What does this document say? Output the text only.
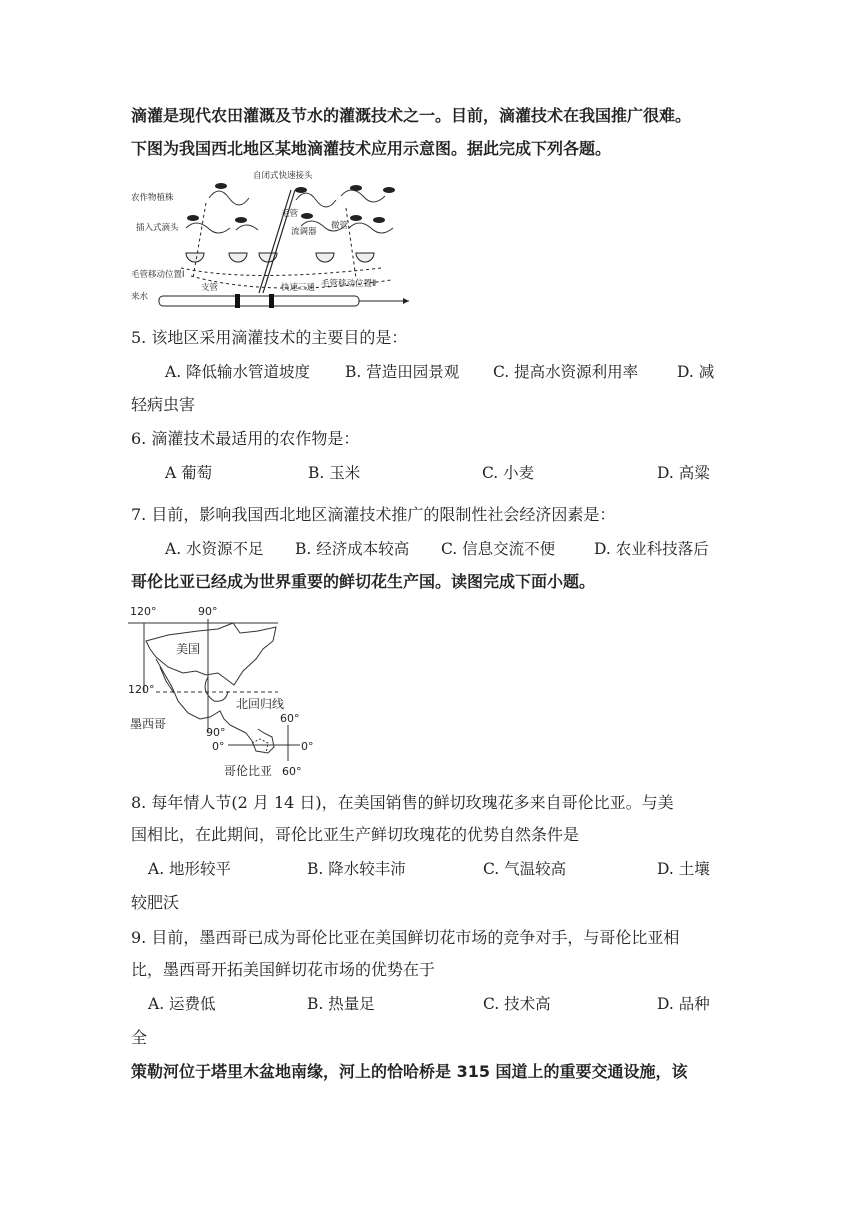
滴灌是现代农田灌溉及节水的灌溉技术之一。目前，滴灌技术在我国推广很难。
下图为我国西北地区某地滴灌技术应用示意图。据此完成下列各题。
自闭式快速接头
农作物植株
毛管
插入式滴头	流调器
微管
毛管移动位置Ⅰ
毛管移动位置Ⅱ
来水
支管	快速三通
5. 该地区采用滴灌技术的主要目的是：
A. 降低输水管道坡度 B. 营造田园景观 C. 提高水资源利用率	D. 减
轻病虫害
6. 滴灌技术最适用的农作物是：
A 葡萄	B. 玉米	C. 小麦	D. 高粱
7. 目前，影响我国西北地区滴灌技术推广的限制性社会经济因素是：
A. 水资源不足 B. 经济成本较高 C. 信息交流不便	D. 农业科技落后
哥伦比亚已经成为世界重要的鲜切花生产国。读图完成下面小题。
120°	90°
美国
120°
北回归线
60°
墨西哥
90°
0°	0°
哥伦比亚 60°
8. 每年情人节(2 月 14 日)，在美国销售的鲜切玫瑰花多来自哥伦比亚。与美
国相比，在此期间，哥伦比亚生产鲜切玫瑰花的优势自然条件是
A. 地形较平	B. 降水较丰沛	C. 气温较高	D. 土壤
较肥沃
9. 目前，墨西哥已成为哥伦比亚在美国鲜切花市场的竞争对手，与哥伦比亚相
比，墨西哥开拓美国鲜切花市场的优势在于
A. 运费低	B. 热量足	C. 技术高	D. 品种
全
策勒河位于塔里木盆地南缘，河上的恰哈桥是 315 国道上的重要交通设施，该
